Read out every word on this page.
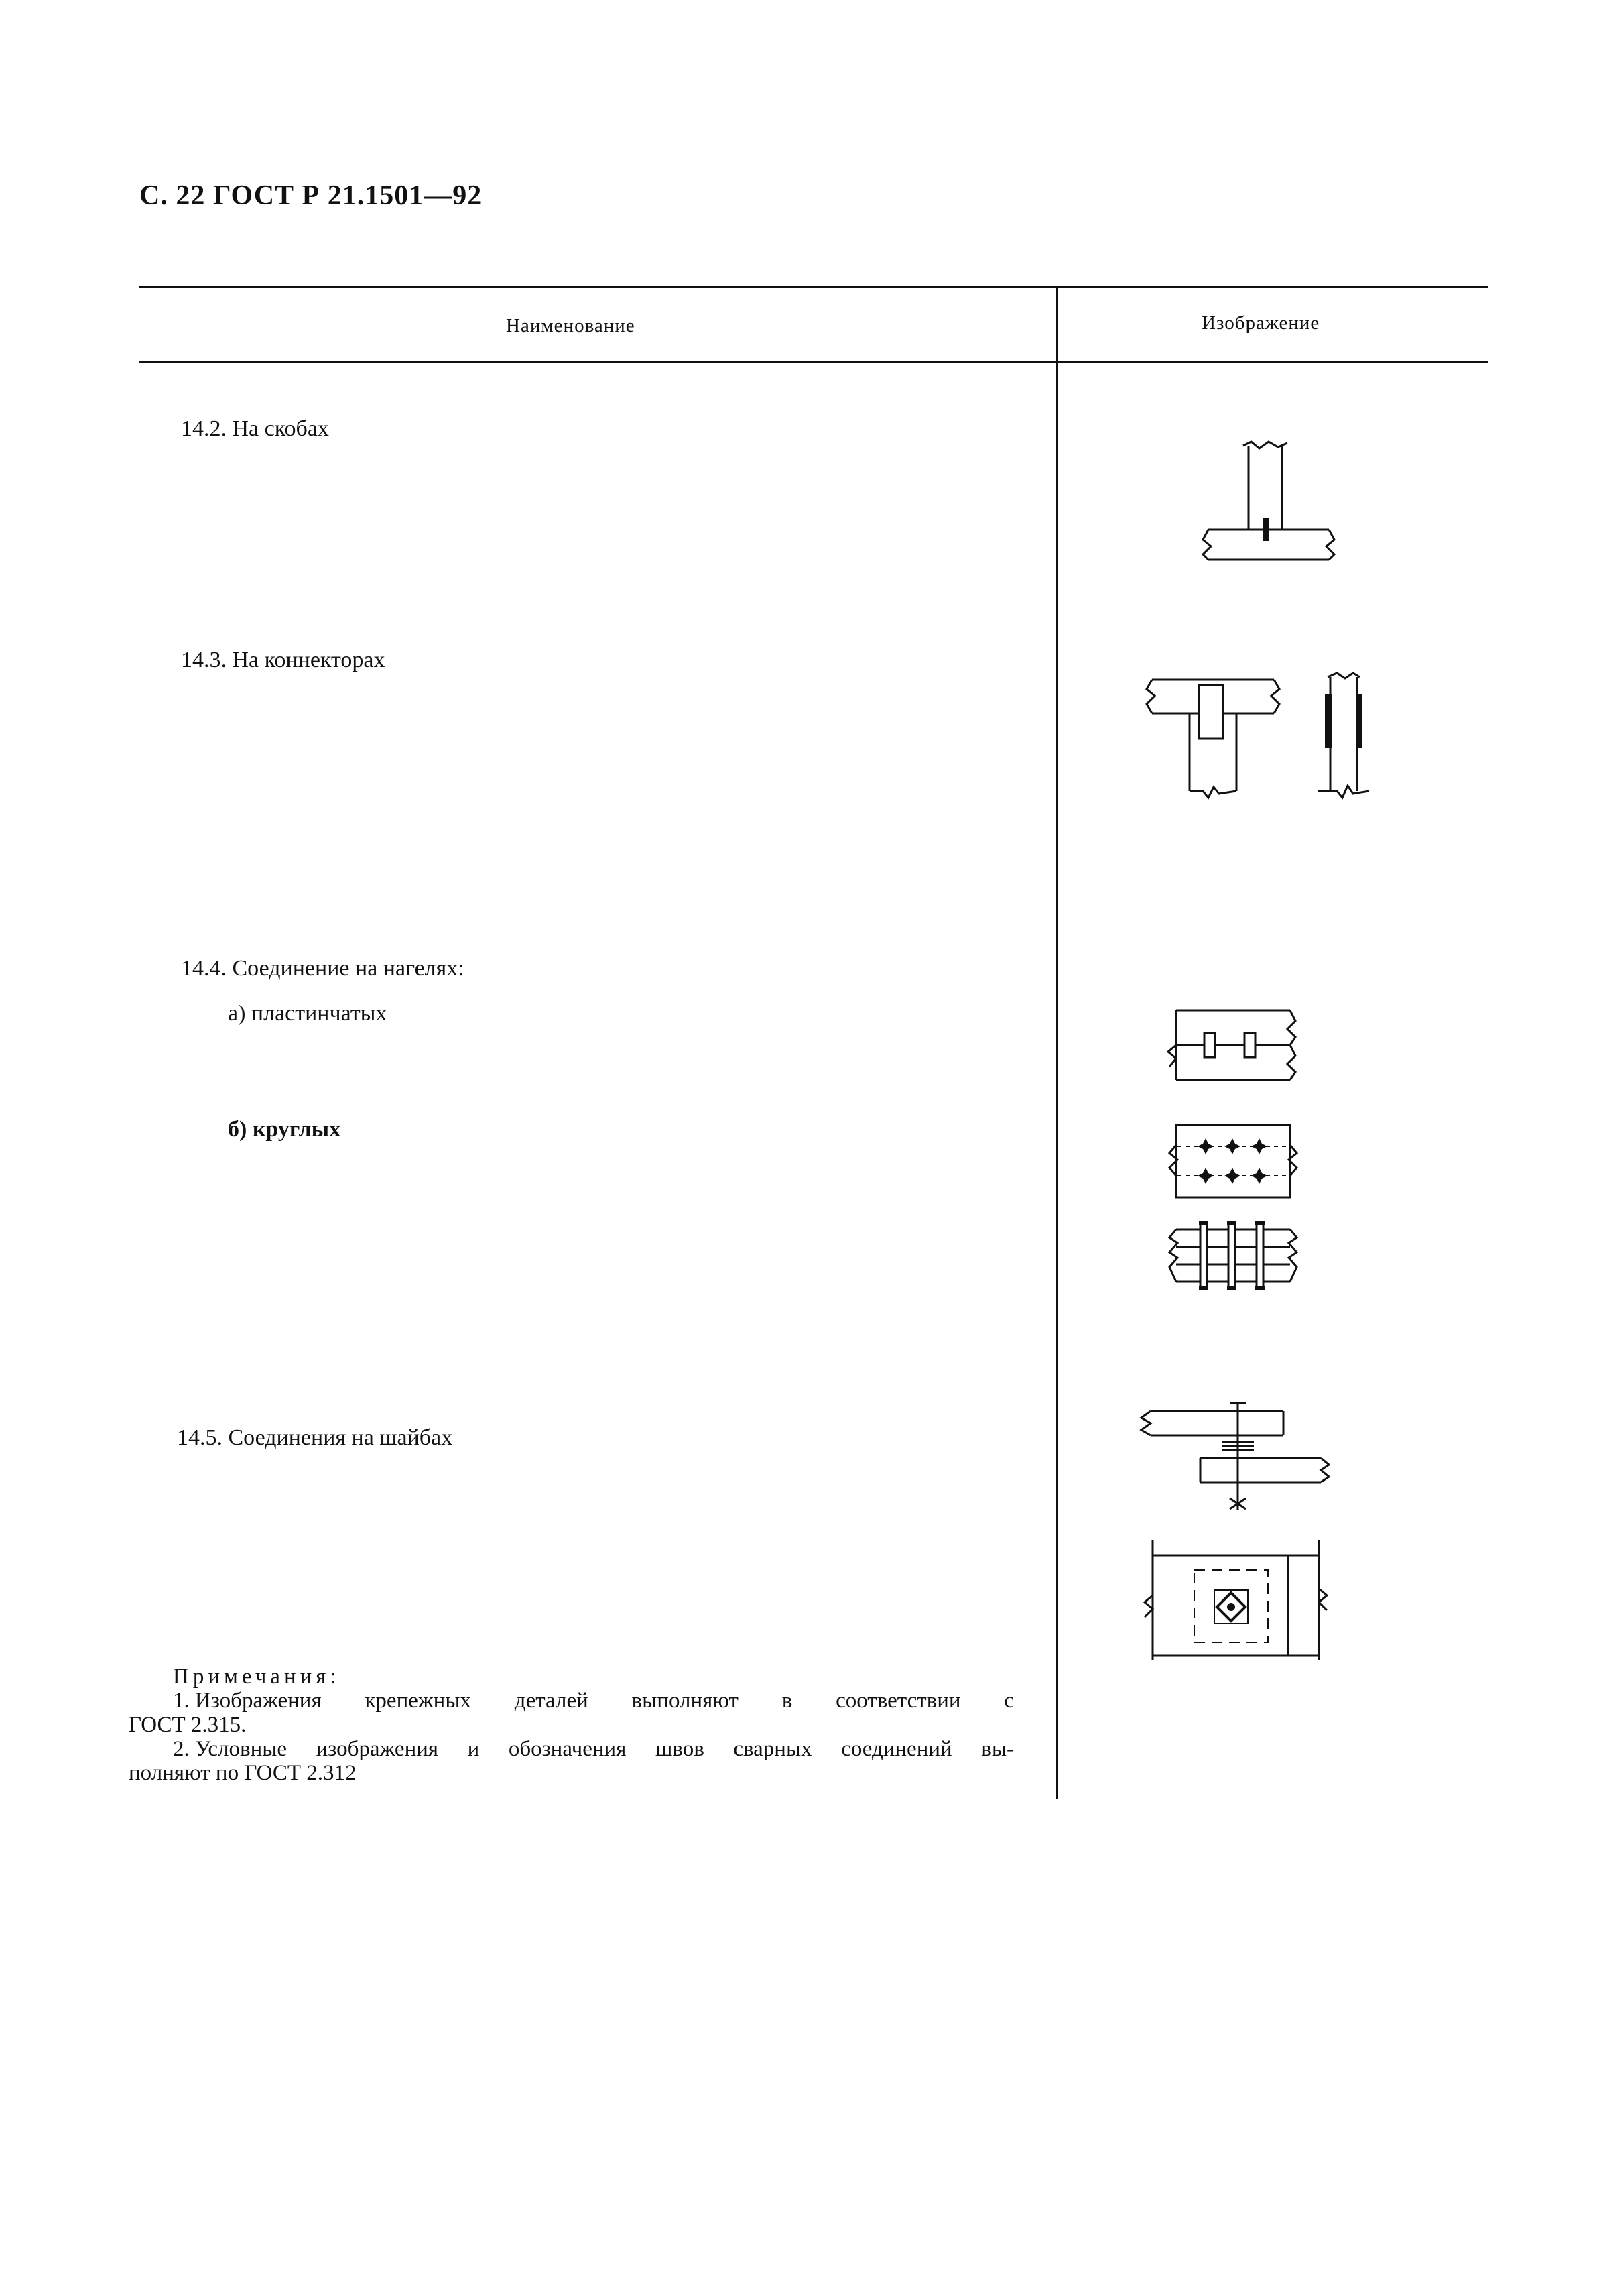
С. 22 ГОСТ Р 21.1501—92
Наименование	Изображение
14.2. На скобах
14.3. На коннекторах
14.4. Соединение на нагелях:
а) пластинчатых
б) круглых
14.5. Соединения на шайбах
Примечания:
1. Изображения крепежных деталей выполняют в соответствии с
ГОСТ 2.315.
2. Условные изображения и обозначения швов сварных соединений вы-
полняют по ГОСТ 2.312
